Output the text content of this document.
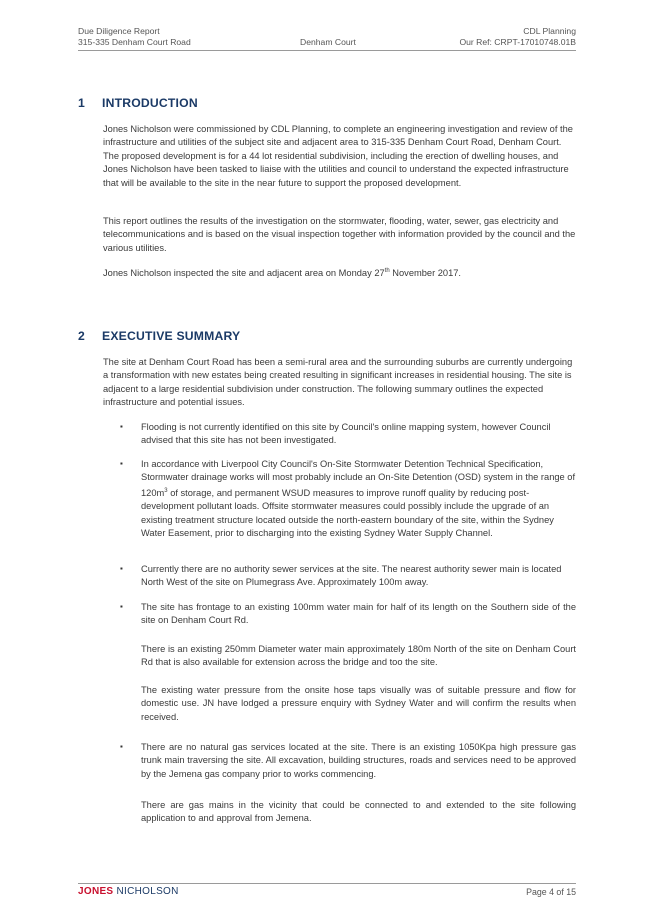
Due Diligence Report	CDL Planning
315-335 Denham Court Road	Denham Court	Our Ref: CRPT-17010748.01B
1 INTRODUCTION
Jones Nicholson were commissioned by CDL Planning, to complete an engineering investigation and review of the infrastructure and utilities of the subject site and adjacent area to 315-335 Denham Court Road, Denham Court. The proposed development is for a 44 lot residential subdivision, including the erection of dwelling houses, and Jones Nicholson have been tasked to liaise with the utilities and council to understand the expected infrastructure that will be available to the site in the near future to support the proposed development.
This report outlines the results of the investigation on the stormwater, flooding, water, sewer, gas electricity and telecommunications and is based on the visual inspection together with information provided by the council and the various utilities.
Jones Nicholson inspected the site and adjacent area on Monday 27th November 2017.
2 EXECUTIVE SUMMARY
The site at Denham Court Road has been a semi-rural area and the surrounding suburbs are currently undergoing a transformation with new estates being created resulting in significant increases in residential housing. The site is adjacent to a large residential subdivision under construction. The following summary outlines the expected infrastructure and potential issues.
▪ Flooding is not currently identified on this site by Council's online mapping system, however Council advised that this site has not been investigated.
▪ In accordance with Liverpool City Council's On-Site Stormwater Detention Technical Specification, Stormwater drainage works will most probably include an On-Site Detention (OSD) system in the range of $120m^3$ of storage, and permanent WSUD measures to improve runoff quality by reducing post-development pollutant loads. Offsite stormwater measures could possibly include the upgrade of an existing treatment structure located outside the north-eastern boundary of the site, within the Sydney Water Easement, prior to discharging into the existing Sydney Water Supply Channel.
▪ Currently there are no authority sewer services at the site. The nearest authority sewer main is located North West of the site on Plumegrass Ave. Approximately 100m away.
▪ The site has frontage to an existing 100mm water main for half of its length on the Southern side of the site on Denham Court Rd.
There is an existing 250mm Diameter water main approximately 180m North of the site on Denham Court Rd that is also available for extension across the bridge and too the site.
The existing water pressure from the onsite hose taps visually was of suitable pressure and flow for domestic use. JN have lodged a pressure enquiry with Sydney Water and will confirm the results when received.
▪ There are no natural gas services located at the site. There is an existing 1050Kpa high pressure gas trunk main traversing the site. All excavation, building structures, roads and services need to be approved by the Jemena gas company prior to works commencing.
There are gas mains in the vicinity that could be connected to and extended to the site following application to and approval from Jemena.
JONES NICHOLSON	Page 4 of 15
